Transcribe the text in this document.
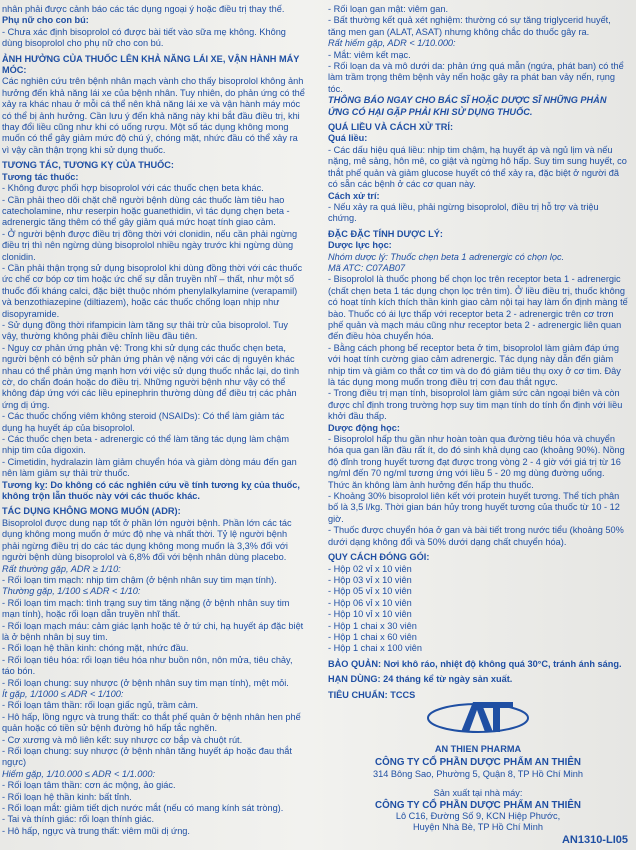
nhân phải được cảnh báo các tác dụng ngoại ý hoặc điều trị thay thế.

Phụ nữ cho con bú:

- Chưa xác định bisoprolol có được bài tiết vào sữa mẹ không. Không dùng bisoprolol cho phụ nữ cho con bú.

ẢNH HƯỞNG CỦA THUỐC LÊN KHẢ NĂNG LÁI XE, VẬN HÀNH MÁY MÓC:

Các nghiên cứu trên bệnh nhân mạch vành cho thấy bisoprolol không ảnh hưởng đến khả năng lái xe của bệnh nhân. Tuy nhiên, do phản ứng có thể xảy ra khác nhau ở mỗi cá thể nên khả năng lái xe và vận hành máy móc có thể bị ảnh hưởng. Cần lưu ý đến khả năng này khi bắt đầu điều trị, khi thay đổi liều cũng như khi có uống rượu. Một số tác dụng không mong muốn có thể gây giảm mức độ chú ý, chóng mặt, nhức đầu có thể xảy ra vì vậy cần thận trọng khi sử dụng thuốc.

TƯƠNG TÁC, TƯƠNG KỴ CỦA THUỐC:

Tương tác thuốc:

- Không được phối hợp bisoprolol với các thuốc chẹn beta khác.

- Cần phải theo dõi chặt chẽ người bệnh dùng các thuốc làm tiêu hao catecholamine, như reserpin hoặc guanethidin, vì tác dụng chẹn beta - adrenergic tăng thêm có thể gây giảm quá mức hoạt tính giao cảm.

- Ở người bệnh được điều trị đồng thời với clonidin, nếu cần phải ngừng điều trị thì nên ngừng dùng bisoprolol nhiều ngày trước khi ngừng dùng clonidin.

- Cần phải thận trọng sử dụng bisoprolol khi dùng đồng thời với các thuốc ức chế cơ bóp cơ tim hoặc ức chế sự dẫn truyền nhĩ – thất, như một số thuốc đối kháng calci, đặc biệt thuộc nhóm phenylalkylamine (verapamil) và benzothiazepine (diltiazem), hoặc các thuốc chống loạn nhịp như disopyramide.

- Sử dụng đồng thời rifampicin làm tăng sự thải trừ của bisoprolol. Tuy vậy, thường không phải điều chỉnh liều đầu tiên.

- Nguy cơ phản ứng phản vệ: Trong khi sử dụng các thuốc chẹn beta, người bệnh có bệnh sử phản ứng phản vệ nặng với các dị nguyên khác nhau có thể phản ứng mạnh hơn với việc sử dụng thuốc nhắc lại, do tình cờ, do chẩn đoán hoặc do điều trị. Những người bệnh như vậy có thể không đáp ứng với các liều epinephrin thường dùng để điều trị các phản ứng dị ứng.

- Các thuốc chống viêm không steroid (NSAIDs): Có thể làm giảm tác dụng hạ huyết áp của bisoprolol.

- Các thuốc chẹn beta - adrenergic có thể làm tăng tác dụng làm chậm nhịp tim của digoxin.

- Cimetidin, hydralazin làm giảm chuyển hóa và giảm dòng máu đến gan nên làm giảm sự thải trừ thuốc.

Tương kỵ: Do không có các nghiên cứu về tính tương kỵ của thuốc, không trộn lẫn thuốc này với các thuốc khác.

TÁC DỤNG KHÔNG MONG MUỐN (ADR):

Bisoprolol được dung nạp tốt ở phần lớn người bệnh. Phần lớn các tác dụng không mong muốn ở mức độ nhẹ và nhất thời. Tỷ lệ người bệnh phải ngừng điều trị do các tác dụng không mong muốn là 3,3% đối với người bệnh dùng bisoprolol và 6,8% đối với bệnh nhân dùng placebo.

Rất thường gặp, ADR ≥ 1/10:

- Rối loạn tim mạch: nhịp tim chậm (ở bệnh nhân suy tim mạn tính).

Thường gặp, 1/100 ≤ ADR < 1/10:

- Rối loạn tim mạch: tình trạng suy tim tăng nặng (ở bệnh nhân suy tim mạn tính), hoặc rối loạn dẫn truyền nhĩ thất.

- Rối loạn mạch máu: cảm giác lạnh hoặc tê ở tứ chi, hạ huyết áp đặc biệt là ở bệnh nhân bị suy tim.

- Rối loạn hệ thần kinh: chóng mặt, nhức đầu.

- Rối loạn tiêu hóa: rối loạn tiêu hóa như buồn nôn, nôn mửa, tiêu chảy, táo bón.

- Rối loạn chung: suy nhược (ở bệnh nhân suy tim mạn tính), mệt mỏi.

Ít gặp, 1/1000 ≤ ADR < 1/100:

- Rối loạn tâm thần: rối loạn giấc ngủ, trầm cảm.

- Hô hấp, lồng ngực và trung thất: co thắt phế quản ở bệnh nhân hen phế quản hoặc có tiền sử bệnh đường hô hấp tắc nghẽn.

- Cơ xương và mô liên kết: suy nhược cơ bắp và chuột rút.

- Rối loạn chung: suy nhược (ở bệnh nhân tăng huyết áp hoặc đau thắt ngực)

Hiếm gặp, 1/10.000 ≤ ADR < 1/1.000:

- Rối loạn tâm thần: cơn ác mộng, ảo giác.

- Rối loạn hệ thần kinh: bất tỉnh.

- Rối loạn mắt: giảm tiết dịch nước mắt (nếu có mang kính sát tròng).

- Tai và thính giác: rối loạn thính giác.

- Hô hấp, ngực và trung thất: viêm mũi dị ứng.

- Rối loạn gan mật: viêm gan.

- Bất thường kết quả xét nghiệm: thường có sự tăng triglycerid huyết, tăng men gan (ALAT, ASAT) nhưng không chắc do thuốc gây ra.

Rất hiếm gặp, ADR < 1/10.000:

- Mắt: viêm kết mạc.

- Rối loạn da và mô dưới da: phản ứng quá mẫn (ngứa, phát ban) có thể làm trầm trọng thêm bệnh vảy nến hoặc gây ra phát ban vảy nến, rụng tóc.

THÔNG BÁO NGAY CHO BÁC SĨ HOẶC DƯỢC SĨ NHỮNG PHẢN ỨNG CÓ HẠI GẶP PHẢI KHI SỬ DỤNG THUỐC.

QUÁ LIỀU VÀ CÁCH XỬ TRÍ:

Quá liều:

- Các dấu hiệu quá liều: nhịp tim chậm, hạ huyết áp và ngủ lịm và nếu nặng, mê sảng, hôn mê, co giật và ngừng hô hấp. Suy tim sung huyết, co thắt phế quản và giảm glucose huyết có thể xảy ra, đặc biệt ở người đã có sẵn các bệnh ở các cơ quan này.

Cách xử trí:

- Nếu xảy ra quá liều, phải ngừng bisoprolol, điều trị hỗ trợ và triệu chứng.

ĐẶC ĐẶC TÍNH DƯỢC LÝ:

Dược lực học:

Nhóm dược lý: Thuốc chẹn beta 1 adrenergic có chọn lọc.

Mã ATC: C07AB07

- Bisoprolol là thuốc phong bế chọn lọc trên receptor beta 1 - adrenergic (chất chẹn beta 1 tác dụng chọn lọc trên tim). Ở liều điều trị, thuốc không có hoạt tính kích thích thần kinh giao cảm nội tại hay làm ổn định màng tế bào. Thuốc có ái lực thấp với receptor beta 2 - adrenergic trên cơ trơn phế quản và mạch máu cũng như receptor beta 2 - adrenergic liên quan đến điều hòa chuyển hóa.

- Bằng cách phong bế receptor beta ở tim, bisoprolol làm giảm đáp ứng với hoạt tính cường giao cảm adrenergic. Tác dụng này dẫn đến giảm nhịp tim và giảm co thắt cơ tim và do đó giảm tiêu thụ oxy ở cơ tim. Đây là tác dụng mong muốn trong điều trị cơn đau thắt ngực.

- Trong điều trị mạn tính, bisoprolol làm giảm sức cản ngoại biên và còn được chỉ định trong trường hợp suy tim mạn tính do tính ổn định với liều khởi đầu thấp.

Dược động học:

- Bisoprolol hấp thu gần như hoàn toàn qua đường tiêu hóa và chuyển hóa qua gan lần đầu rất ít, do đó sinh khả dụng cao (khoảng 90%). Nồng độ đỉnh trong huyết tương đạt được trong vòng 2 - 4 giờ với giá trị từ 16 ng/ml đến 70 ng/ml tương ứng với liều 5 - 20 mg dùng đường uống. Thức ăn không làm ảnh hưởng đến hấp thu thuốc.

- Khoảng 30% bisoprolol liên kết với protein huyết tương. Thể tích phân bố là 3,5 l/kg. Thời gian bán hủy trong huyết tương của thuốc từ 10 - 12 giờ.

- Thuốc được chuyển hóa ở gan và bài tiết trong nước tiểu (khoảng 50% dưới dạng không đổi và 50% dưới dạng chất chuyển hóa).

QUY CÁCH ĐÓNG GÓI:

- Hộp 02 vỉ x 10 viên

- Hộp 03 vỉ x 10 viên

- Hộp 05 vỉ x 10 viên

- Hộp 06 vỉ x 10 viên

- Hộp 10 vỉ x 10 viên

- Hộp 1 chai x 30 viên

- Hộp 1 chai x 60 viên

- Hộp 1 chai x 100 viên

BẢO QUẢN: Nơi khô ráo, nhiệt độ không quá 30°C, tránh ánh sáng.

HẠN DÙNG: 24 tháng kể từ ngày sản xuất.

TIÊU CHUẨN: TCCS

AN THIEN PHARMA

CÔNG TY CỔ PHẦN DƯỢC PHẨM AN THIÊN

314 Bông Sao, Phường 5, Quận 8, TP Hồ Chí Minh

Sản xuất tại nhà máy:

CÔNG TY CỔ PHẦN DƯỢC PHẨM AN THIÊN

Lô C16, Đường Số 9, KCN Hiệp Phước,

Huyện Nhà Bè, TP Hồ Chí Minh

AN1310-LI05
